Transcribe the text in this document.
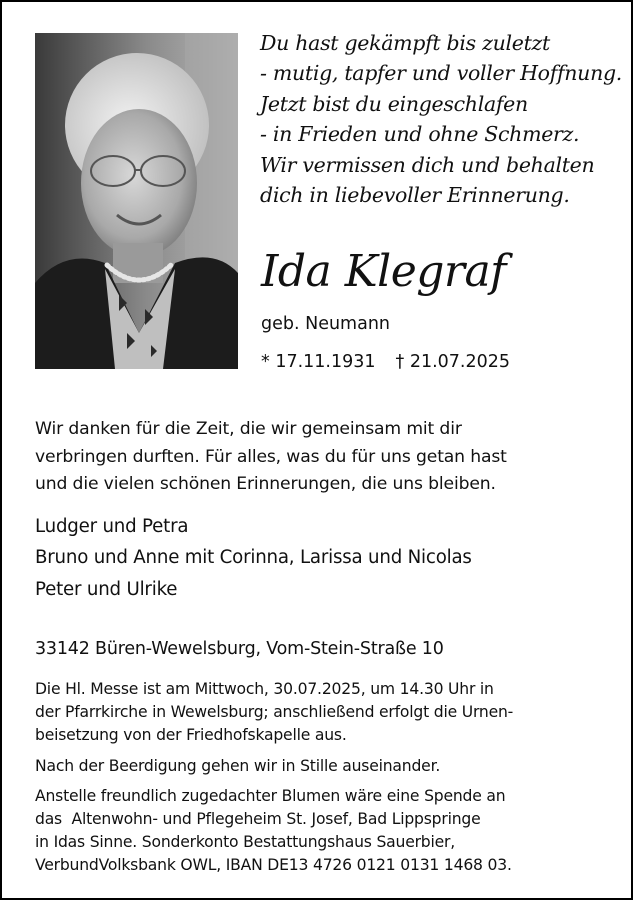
Du hast gekämpft bis zuletzt
- mutig, tapfer und voller Hoffnung.
Jetzt bist du eingeschlafen
- in Frieden und ohne Schmerz.
Wir vermissen dich und behalten
dich in liebevoller Erinnerung.
Ida Klegraf
geb. Neumann
* 17.11.1931 † 21.07.2025
Wir danken für die Zeit, die wir gemeinsam mit dir
verbringen durften. Für alles, was du für uns getan hast
und die vielen schönen Erinnerungen, die uns bleiben.
Ludger und Petra
Bruno und Anne mit Corinna, Larissa und Nicolas
Peter und Ulrike
33142 Büren-Wewelsburg, Vom-Stein-Straße 10
Die Hl. Messe ist am Mittwoch, 30.07.2025, um 14.30 Uhr in
der Pfarrkirche in Wewelsburg; anschließend erfolgt die Urnen-
beisetzung von der Friedhofskapelle aus.
Nach der Beerdigung gehen wir in Stille auseinander.
Anstelle freundlich zugedachter Blumen wäre eine Spende an
das  Altenwohn- und Pflegeheim St. Josef, Bad Lippspringe
in Idas Sinne. Sonderkonto Bestattungshaus Sauerbier,
VerbundVolksbank OWL, IBAN DE13 4726 0121 0131 1468 03.
